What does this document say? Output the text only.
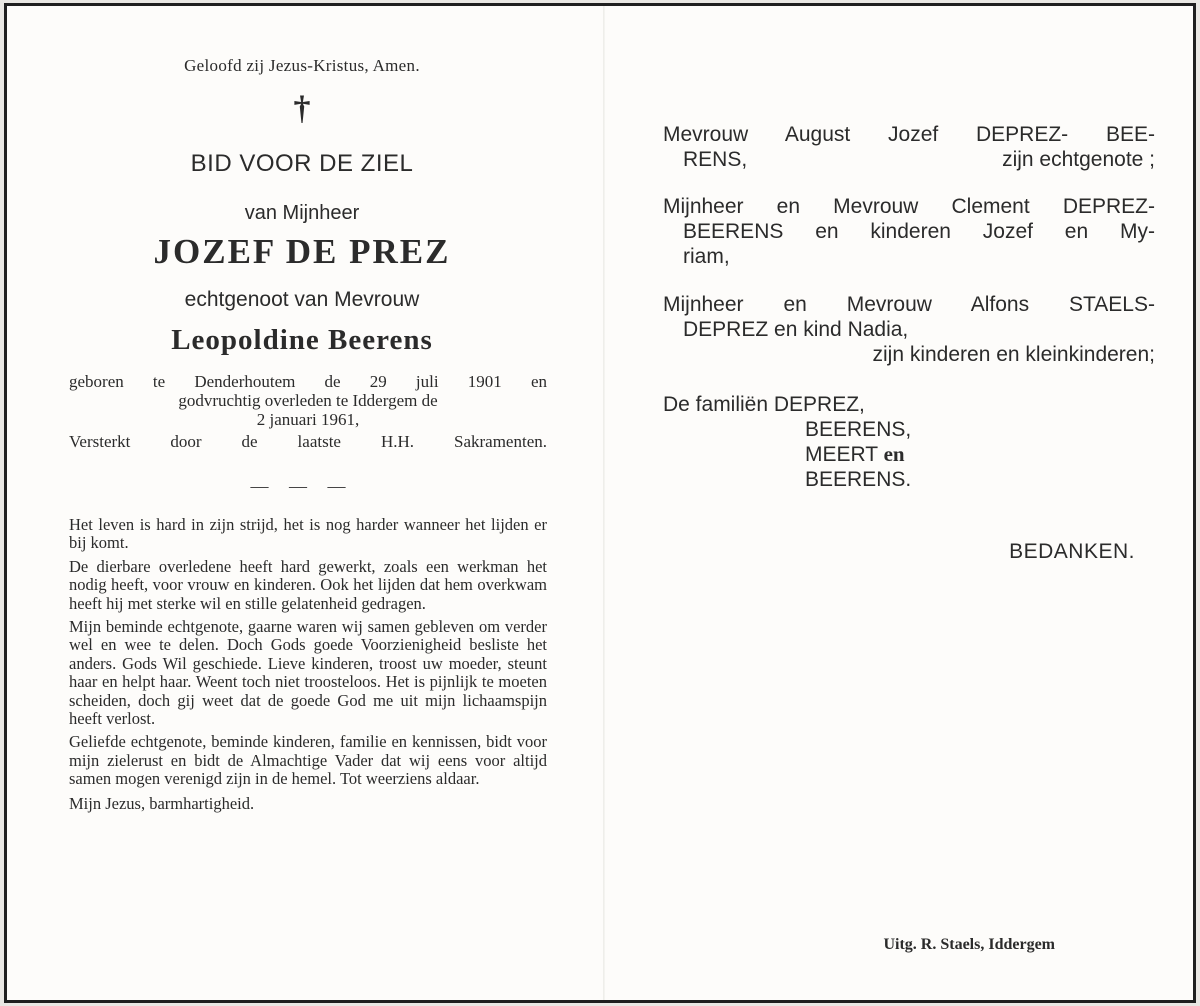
Geloofd zij Jezus-Kristus, Amen.
†
BID VOOR DE ZIEL
van Mijnheer
JOZEF DE PREZ
echtgenoot van Mevrouw
Leopoldine Beerens
geboren te Denderhoutem de 29 juli 1901 en
godvruchtig overleden te Iddergem de
2 januari 1961,
Versterkt door de laatste H.H. Sakramenten.
— — —

Het leven is hard in zijn strijd, het is nog harder wanneer het lijden er bij komt.

De dierbare overledene heeft hard gewerkt, zoals een werkman het nodig heeft, voor vrouw en kinderen. Ook het lijden dat hem overkwam heeft hij met sterke wil en stille gelatenheid gedragen.

Mijn beminde echtgenote, gaarne waren wij samen gebleven om verder wel en wee te delen. Doch Gods goede Voorzienigheid besliste het anders. Gods Wil geschiede. Lieve kinderen, troost uw moeder, steunt haar en helpt haar. Weent toch niet troosteloos. Het is pijnlijk te moeten scheiden, doch gij weet dat de goede God me uit mijn lichaamspijn heeft verlost.

Geliefde echtgenote, beminde kinderen, familie en kennissen, bidt voor mijn zielerust en bidt de Almachtige Vader dat wij eens voor altijd samen mogen verenigd zijn in de hemel. Tot weerziens aldaar.

Mijn Jezus, barmhartigheid.

Mevrouw August Jozef DEPREZ- BEE-
RENS,	zijn echtgenote ;
Mijnheer en Mevrouw Clement DEPREZ-
BEERENS en kinderen Jozef en My-
riam,
Mijnheer en Mevrouw Alfons STAELS-
DEPREZ en kind Nadia,
zijn kinderen en kleinkinderen;
De familiën DEPREZ,
BEERENS,
MEERT en
BEERENS.
BEDANKEN.
Uitg. R. Staels, Iddergem
